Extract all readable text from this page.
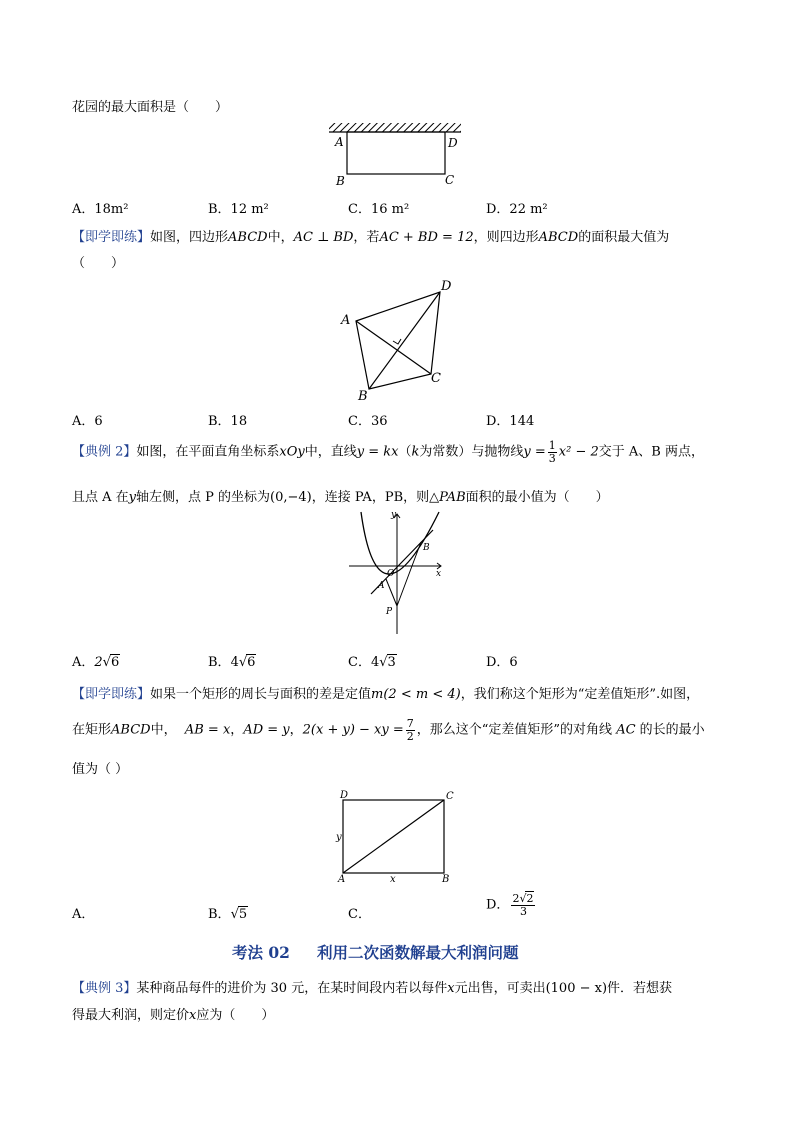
花园的最大面积是（　　）
A	D
B	C
A．18m²	B．12 m²	C．16 m²	D．22 m²
【即学即练】如图，四边形ABCD中，AC ⊥ BD，若AC + BD = 12，则四边形ABCD的面积最大值为
（　　）
A
D
B
C
A．6	B．18	C．36	D．144
【典例 2】如图，在平面直角坐标系xOy中，直线y = kx（k为常数）与抛物线$y = \frac{1}{3} x^2 - 2$交于 A、B 两点，
且点 A 在y轴左侧，点 P 的坐标为(0,−4)，连接 PA，PB，则△PAB面积的最小值为（　　）
y
x
O
A
B
P
A．2√6	B．4√6	C．4√3	D．6
【即学即练】如果一个矩形的周长与面积的差是定值m(2 < m < 4)，我们称这个矩形为“定差值矩形”.如图，
在矩形ABCD中， AB = x，AD = y，2(x + y) − xy = $\frac{7}{2}$ ，那么这个“定差值矩形”的对角线 AC 的长的最小
值为（ ）
D	C
A	B
x
y
A．	B．√5	C．
D． $\frac{2√2}{3}$
考法 02 利用二次函数解最大利润问题
【典例 3】某种商品每件的进价为 30 元，在某时间段内若以每件x元出售，可卖出(100 − x)件．若想获
得最大利润，则定价x应为（　　）
